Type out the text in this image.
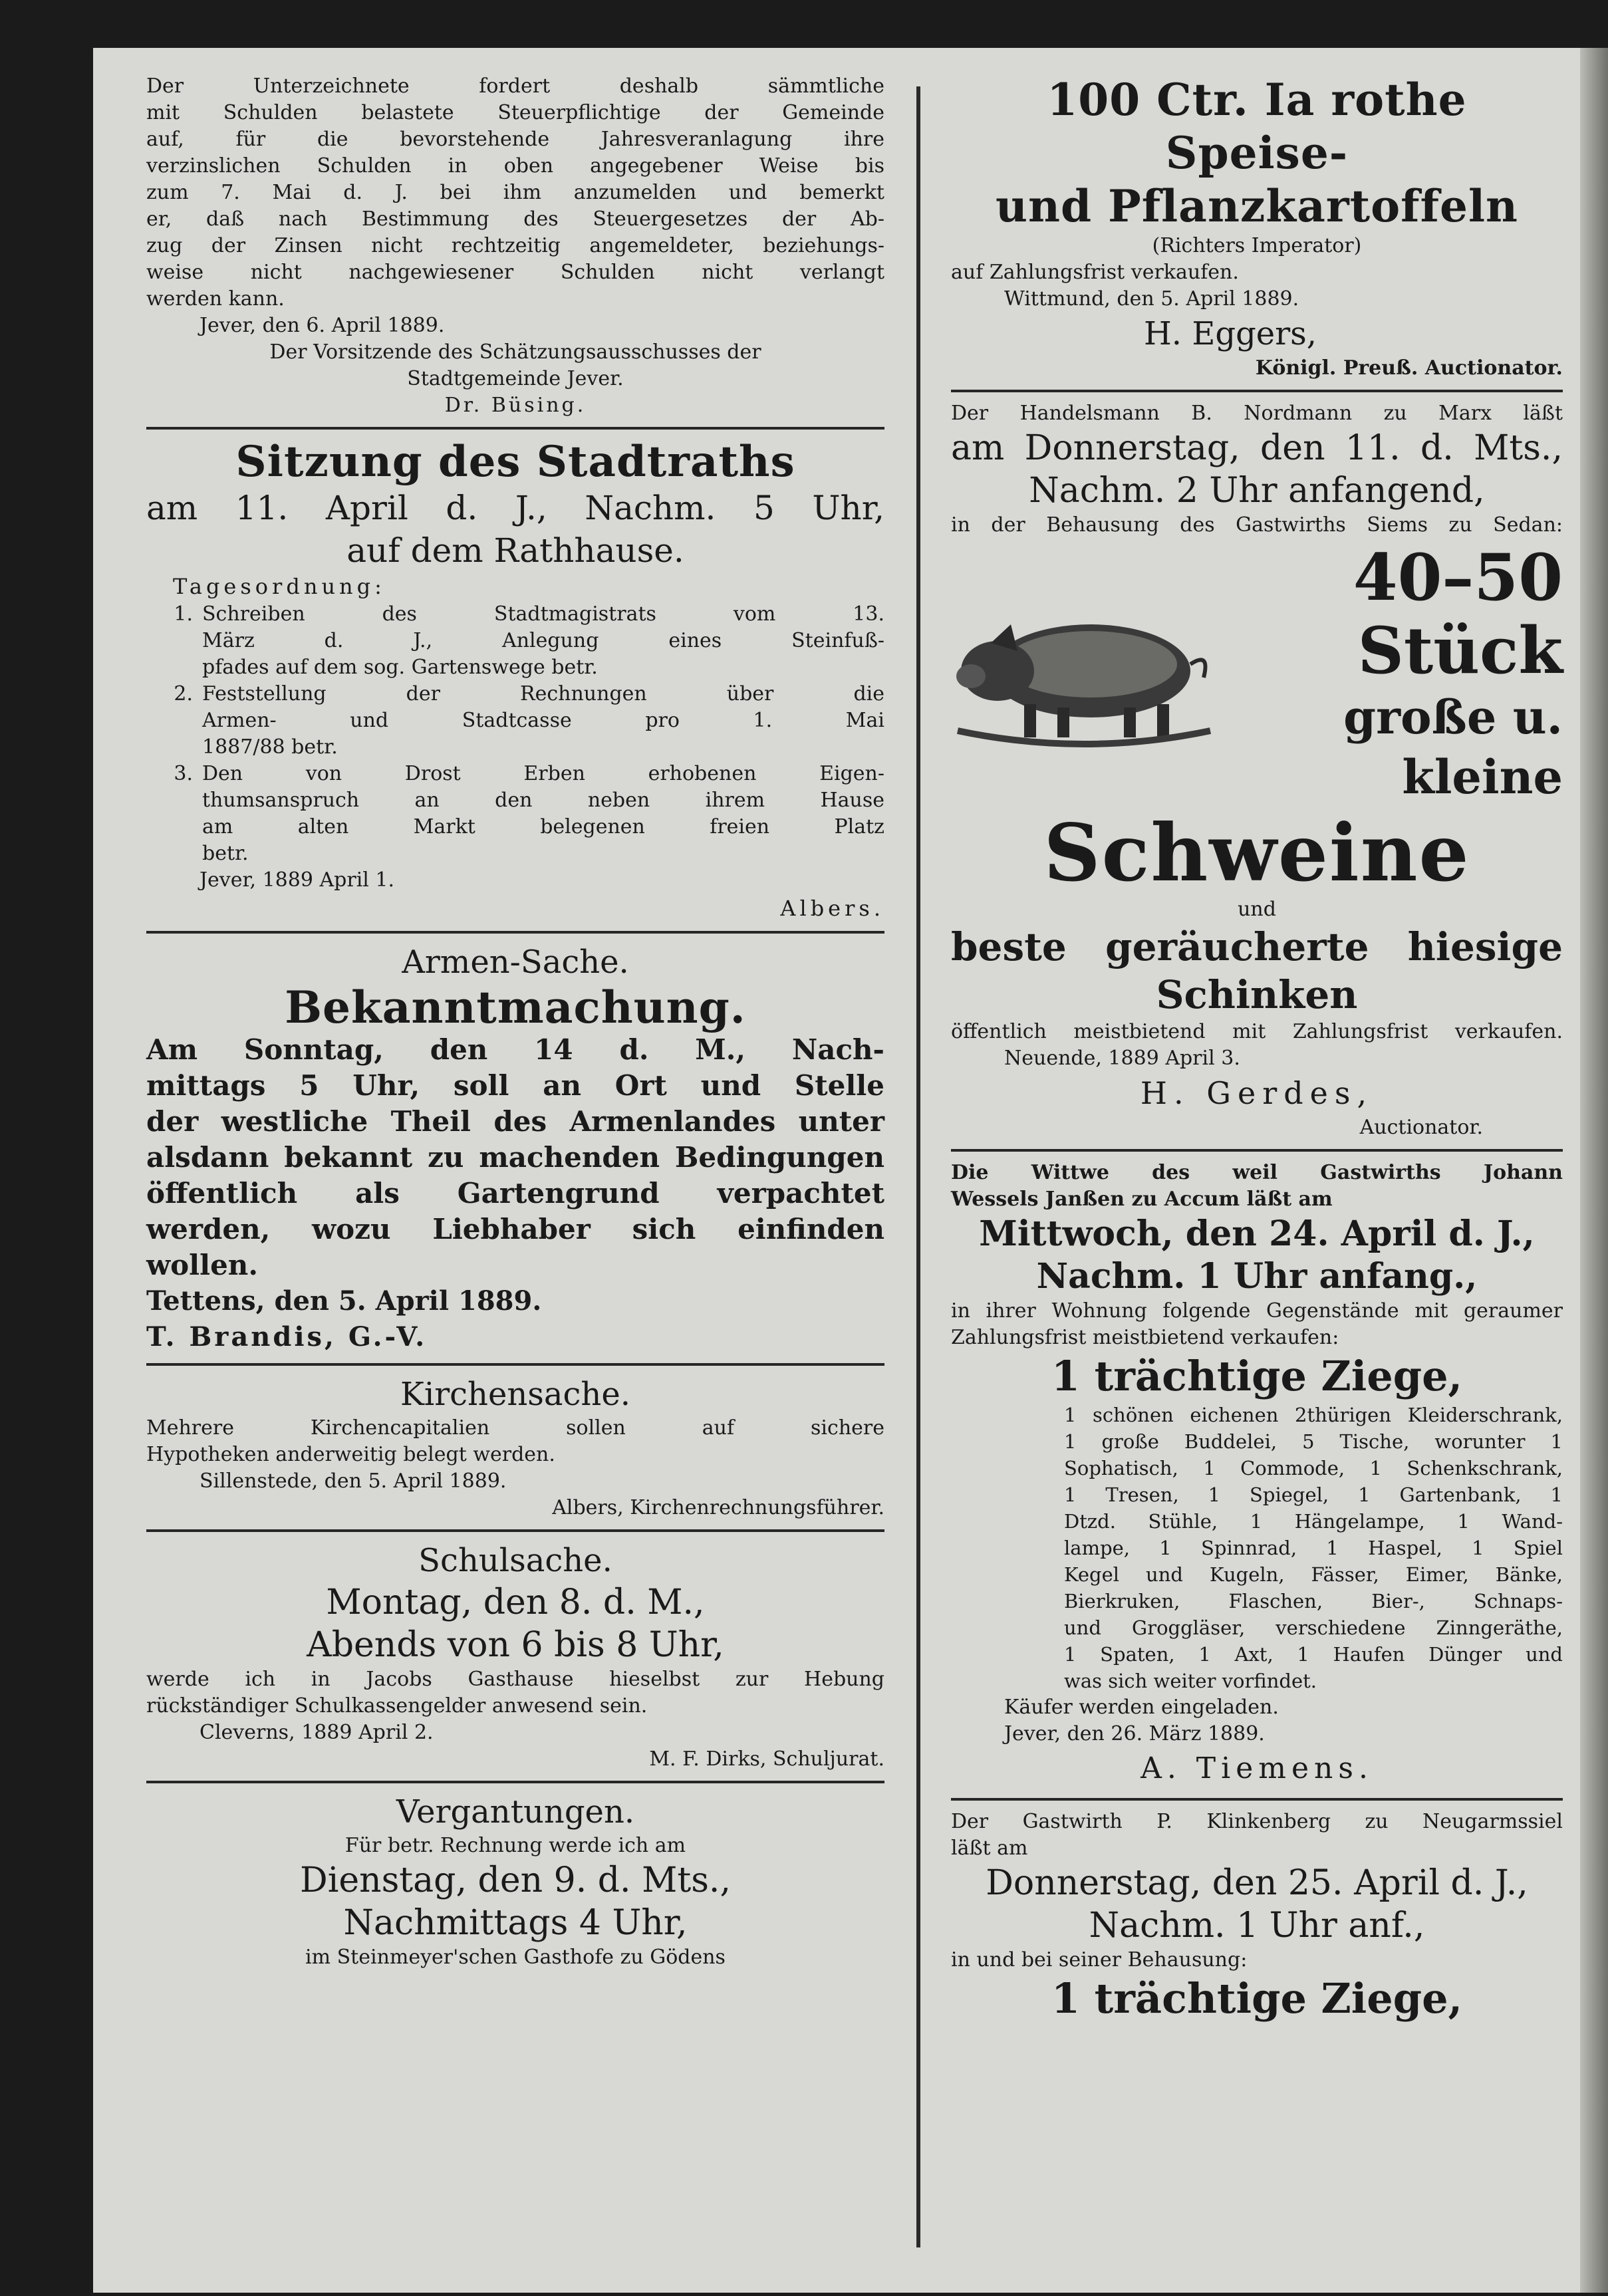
Der Unterzeichnete fordert deshalb sämmtliche

mit Schulden belastete Steuerpflichtige der Gemeinde

auf, für die bevorstehende Jahresveranlagung ihre

verzinslichen Schulden in oben angegebener Weise bis

zum 7. Mai d. J. bei ihm anzumelden und bemerkt

er, daß nach Bestimmung des Steuergesetzes der Ab-

zug der Zinsen nicht rechtzeitig angemeldeter, beziehungs-

weise nicht nachgewiesener Schulden nicht verlangt

werden kann.

Jever, den 6. April 1889.

Der Vorsitzende des Schätzungsausschusses der

Stadtgemeinde Jever.

Dr. Büsing.

Sitzung des Stadtraths

am 11. April d. J., Nachm. 5 Uhr,

auf dem Rathhause.

Tagesordnung:

1. Schreiben des Stadtmagistrats vom 13.

März d. J., Anlegung eines Steinfuß-

pfades auf dem sog. Gartenswege betr.

2. Feststellung der Rechnungen über die

Armen- und Stadtcasse pro 1. Mai

1887/88 betr.

3. Den von Drost Erben erhobenen Eigen-

thumsanspruch an den neben ihrem Hause

am alten Markt belegenen freien Platz

betr.

Jever, 1889 April 1.

Albers.

Armen-Sache.

Bekanntmachung.

Am Sonntag, den 14 d. M., Nach-

mittags 5 Uhr, soll an Ort und Stelle

der westliche Theil des Armenlandes unter

alsdann bekannt zu machenden Bedingungen

öffentlich als Gartengrund verpachtet

werden, wozu Liebhaber sich einfinden

wollen.

Tettens, den 5. April 1889.

T. Brandis, G.-V.

Kirchensache.

Mehrere Kirchencapitalien sollen auf sichere

Hypotheken anderweitig belegt werden.

Sillenstede, den 5. April 1889.

Albers, Kirchenrechnungsführer.

Schulsache.

Montag, den 8. d. M.,

Abends von 6 bis 8 Uhr,

werde ich in Jacobs Gasthause hieselbst zur Hebung

rückständiger Schulkassengelder anwesend sein.

Cleverns, 1889 April 2.

M. F. Dirks, Schuljurat.

Vergantungen.

Für betr. Rechnung werde ich am

Dienstag, den 9. d. Mts.,

Nachmittags 4 Uhr,

im Steinmeyer'schen Gasthofe zu Gödens

100 Ctr. Ia rothe Speise-

und Pflanzkartoffeln

(Richters Imperator)

auf Zahlungsfrist verkaufen.

Wittmund, den 5. April 1889.

H. Eggers,

Königl. Preuß. Auctionator.

Der Handelsmann B. Nordmann zu Marx läßt

am Donnerstag, den 11. d. Mts.,

Nachm. 2 Uhr anfangend,

in der Behausung des Gastwirths Siems zu Sedan:

40–50 Stück

große u. kleine

Schweine

und

beste geräucherte hiesige

Schinken

öffentlich meistbietend mit Zahlungsfrist verkaufen.

Neuende, 1889 April 3.

H. Gerdes,

Auctionator.

Die Wittwe des weil Gastwirths Johann

Wessels Janßen zu Accum läßt am

Mittwoch, den 24. April d. J.,

Nachm. 1 Uhr anfang.,

in ihrer Wohnung folgende Gegenstände mit geraumer

Zahlungsfrist meistbietend verkaufen:

1 trächtige Ziege,

1 schönen eichenen 2thürigen Kleiderschrank,

1 große Buddelei, 5 Tische, worunter 1

Sophatisch, 1 Commode, 1 Schenkschrank,

1 Tresen, 1 Spiegel, 1 Gartenbank, 1

Dtzd. Stühle, 1 Hängelampe, 1 Wand-

lampe, 1 Spinnrad, 1 Haspel, 1 Spiel

Kegel und Kugeln, Fässer, Eimer, Bänke,

Bierkruken, Flaschen, Bier-, Schnaps-

und Groggläser, verschiedene Zinngeräthe,

1 Spaten, 1 Axt, 1 Haufen Dünger und

was sich weiter vorfindet.

Käufer werden eingeladen.

Jever, den 26. März 1889.

A. Tiemens.

Der Gastwirth P. Klinkenberg zu Neugarmssiel

läßt am

Donnerstag, den 25. April d. J.,

Nachm. 1 Uhr anf.,

in und bei seiner Behausung:

1 trächtige Ziege,
